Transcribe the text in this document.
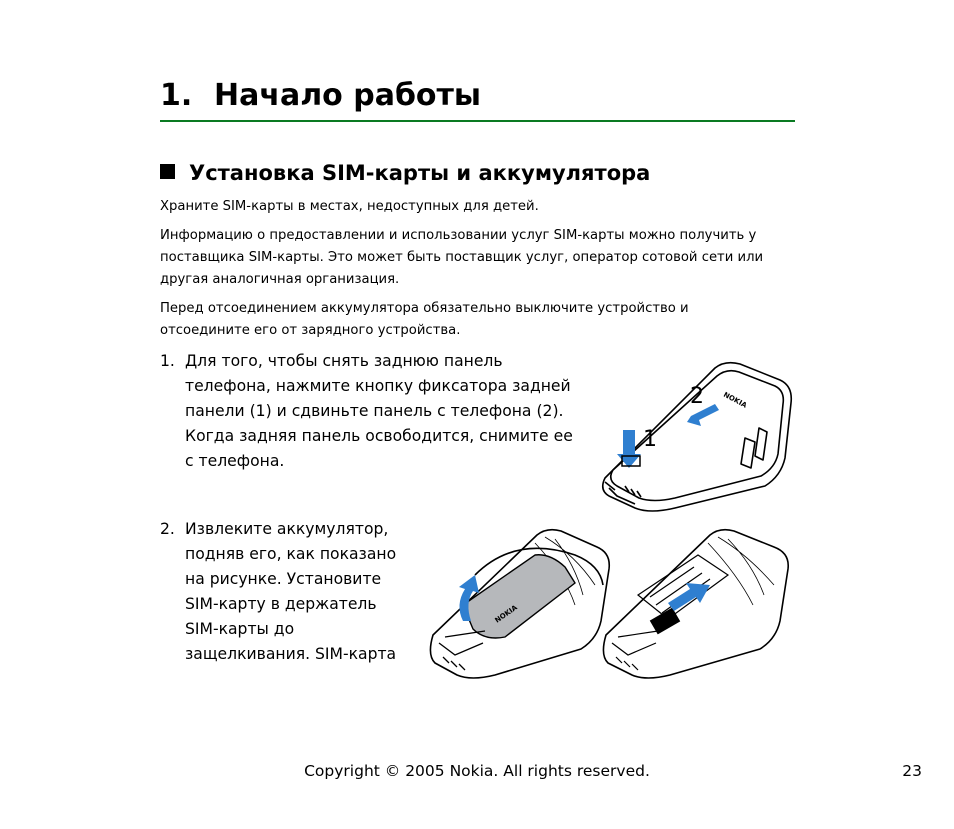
1. Начало работы
Установка SIM-карты и аккумулятора

Храните SIM-карты в местах, недоступных для детей.

Информацию о предоставлении и использовании услуг SIM-карты можно получить у поставщика SIM-карты. Это может быть поставщик услуг, оператор сотовой сети или другая аналогичная организация.

Перед отсоединением аккумулятора обязательно выключите устройство и отсоедините его от зарядного устройства.

1. Для того, чтобы снять заднюю панель телефона, нажмите кнопку фиксатора задней панели (1) и сдвиньте панель с телефона (2). Когда задняя панель освободится, снимите ее с телефона.
2. Извлеките аккумулятор, подняв его, как показано на рисунке. Установите SIM-карту в держатель SIM-карты до защелкивания. SIM-карта
NOKIA
1
2
NOKIA
Copyright © 2005 Nokia. All rights reserved.	23
